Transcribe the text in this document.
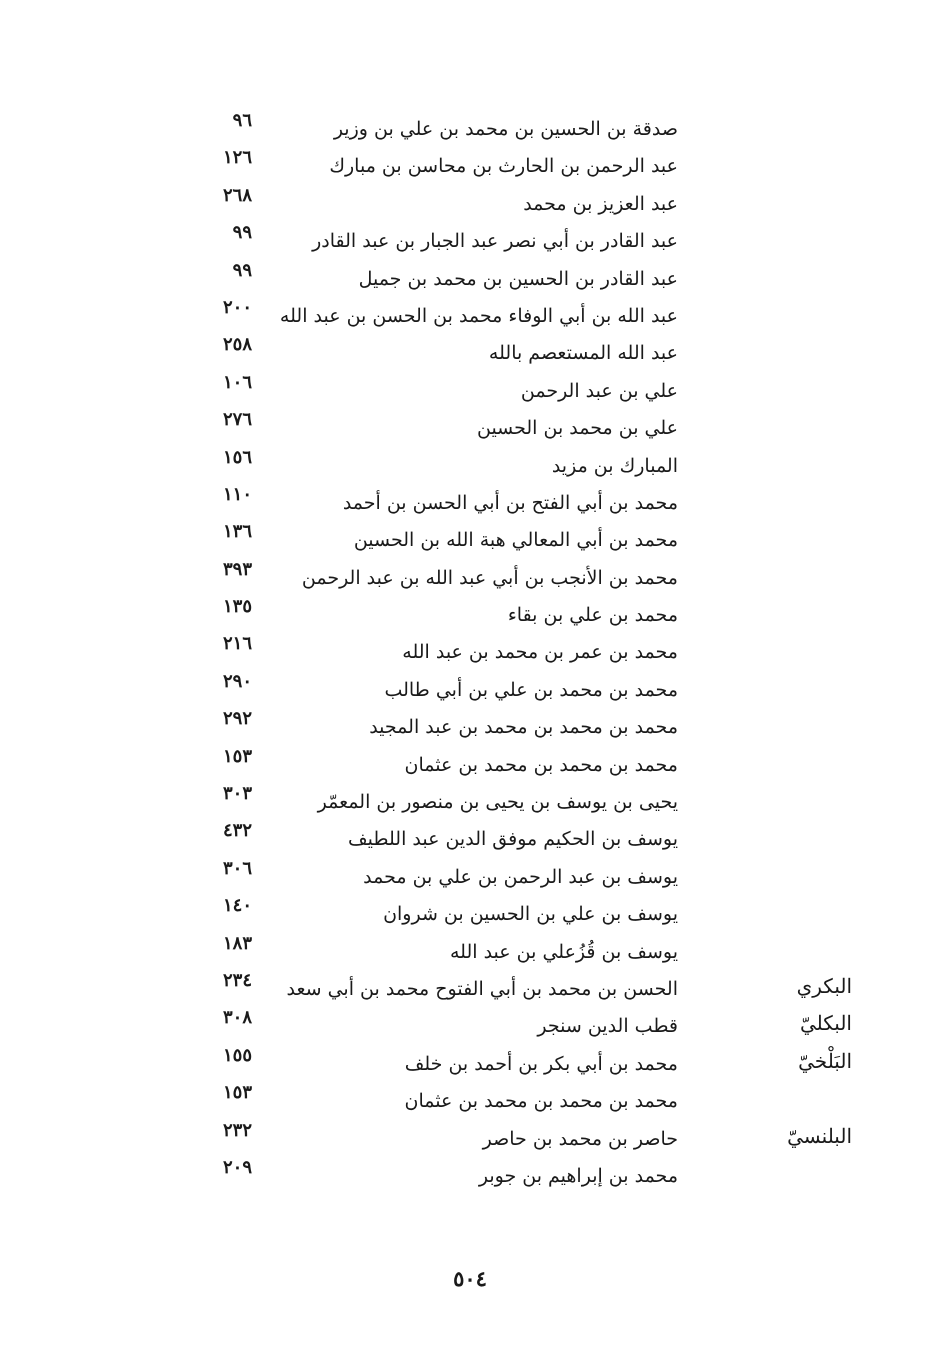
صدقة بن الحسين بن محمد بن علي بن وزير
٩٦
عبد الرحمن بن الحارث بن محاسن بن مبارك
١٢٦
عبد العزيز بن محمد
٢٦٨
عبد القادر بن أبي نصر عبد الجبار بن عبد القادر
٩٩
عبد القادر بن الحسين بن محمد بن جميل
٩٩
عبد الله بن أبي الوفاء محمد بن الحسن بن عبد الله
٢٠٠
عبد الله المستعصم بالله
٢٥٨
علي بن عبد الرحمن
١٠٦
علي بن محمد بن الحسين
٢٧٦
المبارك بن مزيد
١٥٦
محمد بن أبي الفتح بن أبي الحسن بن أحمد
١١٠
محمد بن أبي المعالي هبة الله بن الحسين
١٣٦
محمد بن الأنجب بن أبي عبد الله بن عبد الرحمن
٣٩٣
محمد بن علي بن بقاء
١٣٥
محمد بن عمر بن محمد بن عبد الله
٢١٦
محمد بن محمد بن علي بن أبي طالب
٢٩٠
محمد بن محمد بن محمد بن عبد المجيد
٢٩٢
محمد بن محمد بن محمد بن عثمان
١٥٣
يحيى بن يوسف بن يحيى بن منصور بن المعمّر
٣٠٣
يوسف بن الحكيم موفق الدين عبد اللطيف
٤٣٢
يوسف بن عبد الرحمن بن علي بن محمد
٣٠٦
يوسف بن علي بن الحسين بن شروان
١٤٠
يوسف بن قُزُعلي بن عبد الله
١٨٣
البكري
الحسن بن محمد بن أبي الفتوح محمد بن أبي سعد
٢٣٤
البكليّ
قطب الدين سنجر
٣٠٨
البَلْخيّ
محمد بن أبي بكر بن أحمد بن خلف
١٥٥
محمد بن محمد بن محمد بن عثمان
١٥٣
البلنسيّ
حاصر بن محمد بن حاصر
٢٣٢
محمد بن إبراهيم بن جوبر
٢٠٩
٥٠٤
